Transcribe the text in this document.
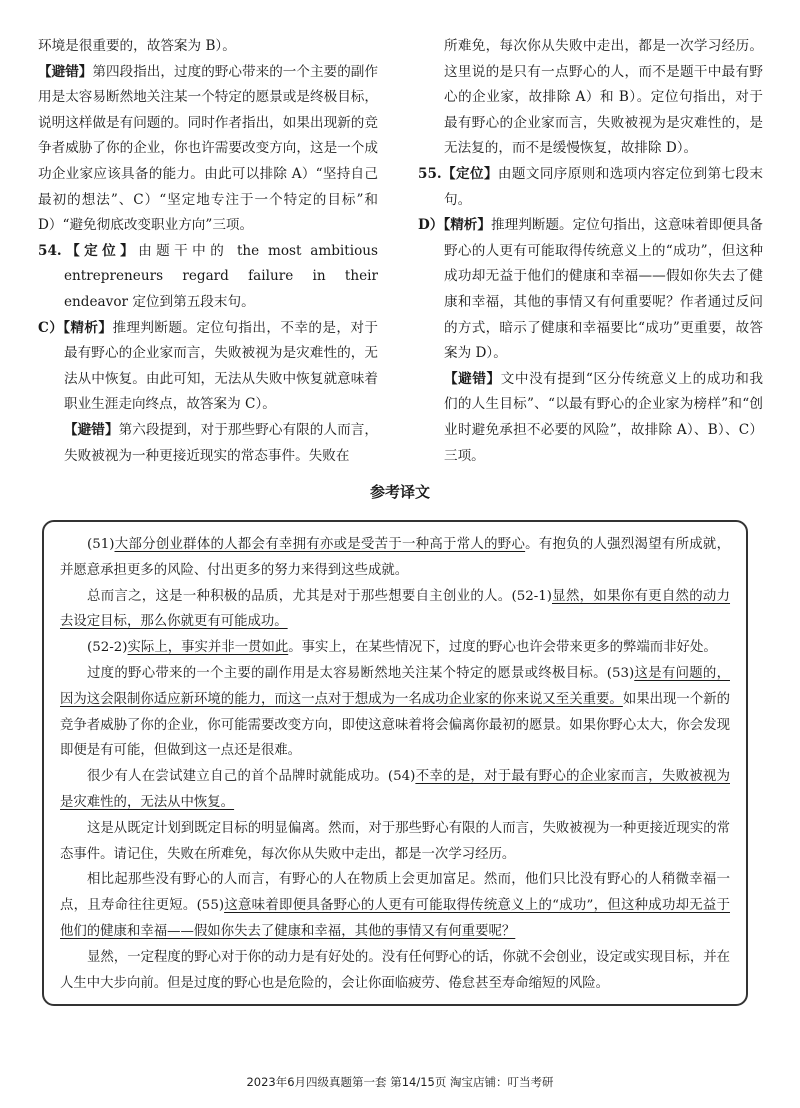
环境是很重要的，故答案为 B）。

【避错】第四段指出，过度的野心带来的一个主要的副作用是太容易断然地关注某一个特定的愿景或是终极目标，说明这样做是有问题的。同时作者指出，如果出现新的竞争者威胁了你的企业，你也许需要改变方向，这是一个成功企业家应该具备的能力。由此可以排除 A）“坚持自己最初的想法”、C）“坚定地专注于一个特定的目标”和 D）“避免彻底改变职业方向”三项。

54.【定位】由题干中的 the most ambitious entrepreneurs regard failure in their endeavor 定位到第五段末句。

C）【精析】推理判断题。定位句指出，不幸的是，对于最有野心的企业家而言，失败被视为是灾难性的，无法从中恢复。由此可知，无法从失败中恢复就意味着职业生涯走向终点，故答案为 C）。

【避错】第六段提到，对于那些野心有限的人而言，失败被视为一种更接近现实的常态事件。失败在

所难免，每次你从失败中走出，都是一次学习经历。这里说的是只有一点野心的人，而不是题干中最有野心的企业家，故排除 A）和 B）。定位句指出，对于最有野心的企业家而言，失败被视为是灾难性的，是无法复的，而不是缓慢恢复，故排除 D）。

55.【定位】由题文同序原则和选项内容定位到第七段末句。

D）【精析】推理判断题。定位句指出，这意味着即便具备野心的人更有可能取得传统意义上的“成功”，但这种成功却无益于他们的健康和幸福——假如你失去了健康和幸福，其他的事情又有何重要呢？作者通过反问的方式，暗示了健康和幸福要比“成功”更重要，故答案为 D）。

【避错】文中没有提到“区分传统意义上的成功和我们的人生目标”、“以最有野心的企业家为榜样”和“创业时避免承担不必要的风险”，故排除 A）、B）、C）三项。

参考译文

(51)大部分创业群体的人都会有幸拥有亦或是受苦于一种高于常人的野心。有抱负的人强烈渴望有所成就，并愿意承担更多的风险、付出更多的努力来得到这些成就。

总而言之，这是一种积极的品质，尤其是对于那些想要自主创业的人。(52-1)显然，如果你有更自然的动力去设定目标，那么你就更有可能成功。

(52-2)实际上，事实并非一贯如此。事实上，在某些情况下，过度的野心也许会带来更多的弊端而非好处。

过度的野心带来的一个主要的副作用是太容易断然地关注某个特定的愿景或终极目标。(53)这是有问题的，因为这会限制你适应新环境的能力，而这一点对于想成为一名成功企业家的你来说又至关重要。如果出现一个新的竞争者威胁了你的企业，你可能需要改变方向，即使这意味着将会偏离你最初的愿景。如果你野心太大，你会发现即便是有可能，但做到这一点还是很难。

很少有人在尝试建立自己的首个品牌时就能成功。(54)不幸的是，对于最有野心的企业家而言，失败被视为是灾难性的，无法从中恢复。

这是从既定计划到既定目标的明显偏离。然而，对于那些野心有限的人而言，失败被视为一种更接近现实的常态事件。请记住，失败在所难免，每次你从失败中走出，都是一次学习经历。

相比起那些没有野心的人而言，有野心的人在物质上会更加富足。然而，他们只比没有野心的人稍微幸福一点，且寿命往往更短。(55)这意味着即便具备野心的人更有可能取得传统意义上的“成功”，但这种成功却无益于他们的健康和幸福——假如你失去了健康和幸福，其他的事情又有何重要呢？

显然，一定程度的野心对于你的动力是有好处的。没有任何野心的话，你就不会创业，设定或实现目标，并在人生中大步向前。但是过度的野心也是危险的，会让你面临疲劳、倦怠甚至寿命缩短的风险。

2023年6月四级真题第一套 第14/15页 淘宝店铺：叮当考研
